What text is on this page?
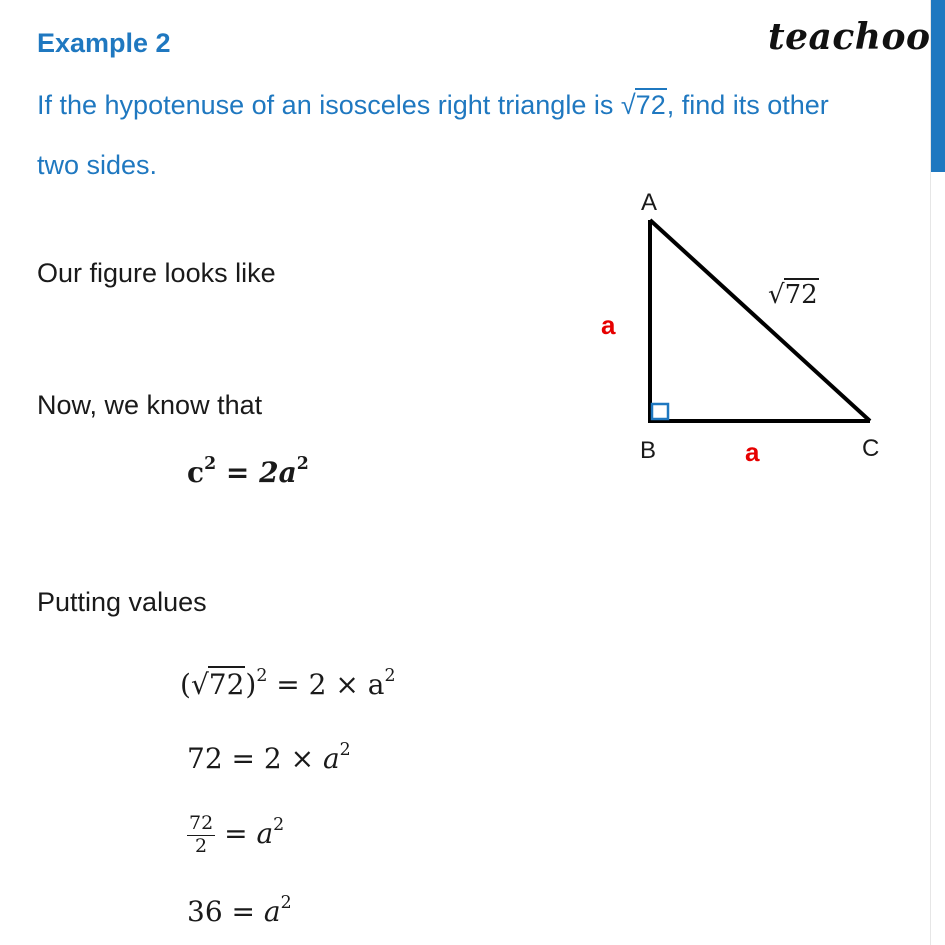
Example 2	teachoo
If the hypotenuse of an isosceles right triangle is √72, find its other
two sides.
Our figure looks like
Now, we know that
Putting values
$c^2 = 2a^2$
A
B	C
a
a
√72
$(√72)^2 = 2 \times a^2$
$72 = 2 \times a^2$
$\frac{72}{2} = a^2$
$36 = a^2$
